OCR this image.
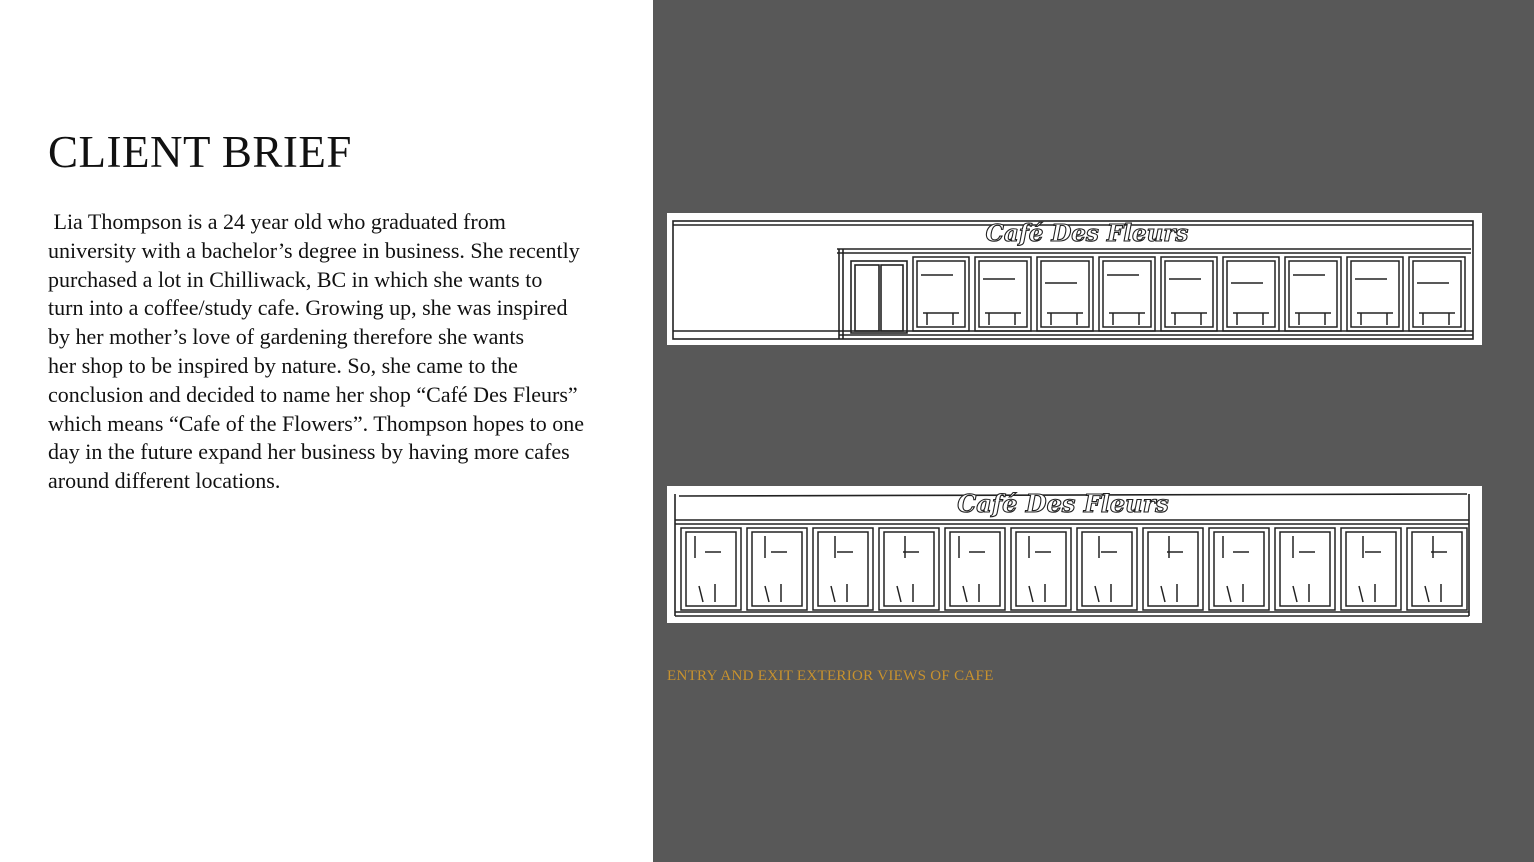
CLIENT BRIEF

Lia Thompson is a 24 year old who graduated from
university with a bachelor’s degree in business. She recently
purchased a lot in Chilliwack, BC in which she wants to
turn into a coffee/study cafe. Growing up, she was inspired
by her mother’s love of gardening therefore she wants
her shop to be inspired by nature. So, she came to the
conclusion and decided to name her shop “Café Des Fleurs”
which means “Cafe of the Flowers”. Thompson hopes to one
day in the future expand her business by having more cafes
around different locations.

Café Des Fleurs
Café Des Fleurs

ENTRY AND EXIT EXTERIOR VIEWS OF CAFE
